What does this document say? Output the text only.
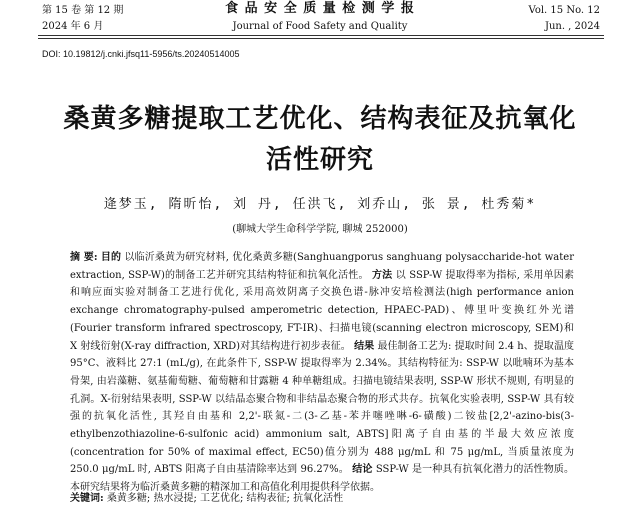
第 15 卷 第 12 期
2024 年 6 月
食 品 安 全 质 量 检 测 学 报
Journal of Food Safety and Quality
Vol. 15 No. 12
Jun. , 2024
DOI: 10.19812/j.cnki.jfsq11-5956/ts.20240514005
桑黄多糖提取工艺优化、结构表征及抗氧化
活性研究
逄梦玉, 隋昕怡, 刘 丹, 任洪飞, 刘乔山, 张 景, 杜秀菊*
(聊城大学生命科学学院, 聊城 252000)
摘 要: 目的 以临沂桑黄为研究材料, 优化桑黄多糖(Sanghuangporus sanghuang polysaccharide-hot water extraction, SSP-W)的制备工艺并研究其结构特征和抗氧化活性。 方法 以 SSP-W 提取得率为指标, 采用单因素和响应面实验对制备工艺进行优化, 采用高效阴离子交换色谱-脉冲安培检测法(high performance anion exchange chromatography-pulsed amperometric detection, HPAEC-PAD)、傅里叶变换红外光谱(Fourier transform infrared spectroscopy, FT-IR)、扫描电镜(scanning electron microscopy, SEM)和 X 射线衍射(X-ray diffraction, XRD)对其结构进行初步表征。 结果 最佳制备工艺为: 提取时间 2.4 h、提取温度 95°C、液料比 27:1 (mL/g), 在此条件下, SSP-W 提取得率为 2.34%。其结构特征为: SSP-W 以吡喃环为基本骨架, 由岩藻糖、氨基葡萄糖、葡萄糖和甘露糖 4 种单糖组成。扫描电镜结果表明, SSP-W 形状不规则, 有明显的孔洞。X-衍射结果表明, SSP-W 以结晶态聚合物和非结晶态聚合物的形式共存。抗氧化实验表明, SSP-W 具有较强的抗氧化活性, 其羟自由基和 2,2'-联氮-二(3-乙基-苯并噻唑啉-6-磺酸)二铵盐[2,2'-azino-bis(3-ethylbenzothiazoline-6-sulfonic acid) ammonium salt, ABTS]阳离子自由基的半最大效应浓度(concentration for 50% of maximal effect, EC50)值分别为 488 μg/mL 和 75 μg/mL, 当质量浓度为 250.0 μg/mL 时, ABTS 阳离子自由基清除率达到 96.27%。 结论 SSP-W 是一种具有抗氧化潜力的活性物质。本研究结果将为临沂桑黄多糖的精深加工和高值化利用提供科学依据。
关键词: 桑黄多糖; 热水浸提; 工艺优化; 结构表征; 抗氧化活性
